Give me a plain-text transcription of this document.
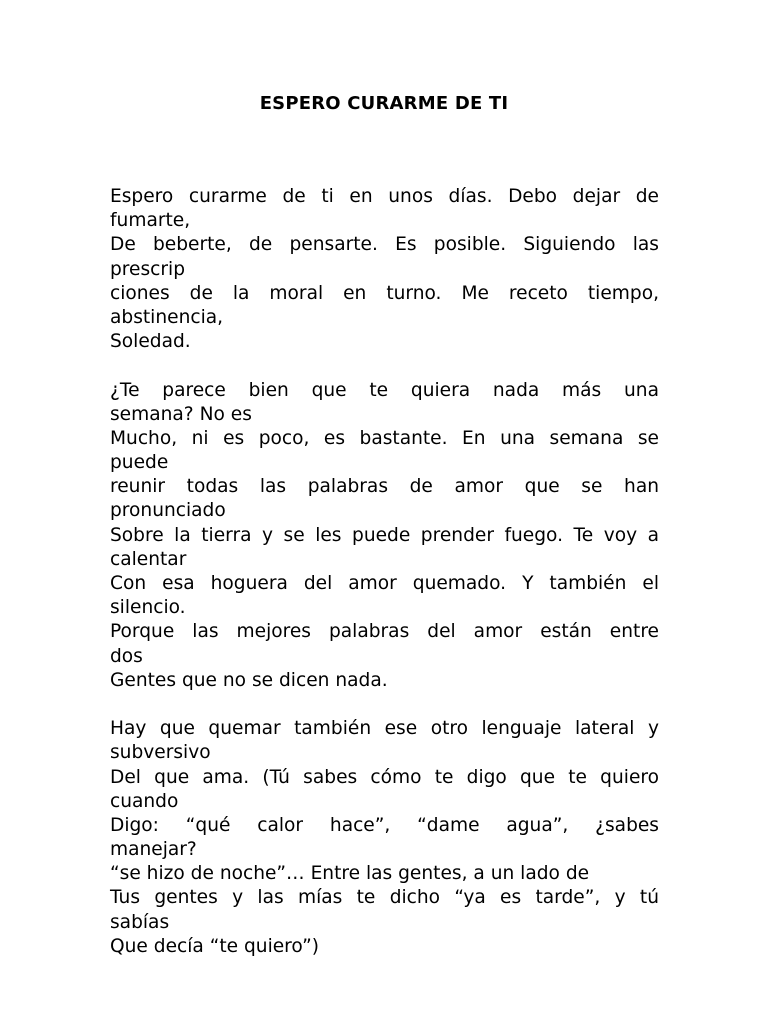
ESPERO CURARME DE TI
Espero curarme de ti en unos días. Debo dejar de
fumarte,
De beberte, de pensarte. Es posible. Siguiendo las
prescrip
ciones de la moral en turno. Me receto tiempo,
abstinencia,
Soledad.
¿Te parece bien que te quiera nada más una
semana? No es
Mucho, ni es poco, es bastante. En una semana se
puede
reunir todas las palabras de amor que se han
pronunciado
Sobre la tierra y se les puede prender fuego. Te voy a
calentar
Con esa hoguera del amor quemado. Y también el
silencio.
Porque las mejores palabras del amor están entre
dos
Gentes que no se dicen nada.
Hay que quemar también ese otro lenguaje lateral y
subversivo
Del que ama. (Tú sabes cómo te digo que te quiero
cuando
Digo: “qué calor hace”, “dame agua”, ¿sabes
manejar?
“se hizo de noche”… Entre las gentes, a un lado de
Tus gentes y las mías te dicho “ya es tarde”, y tú
sabías
Que decía “te quiero”)
